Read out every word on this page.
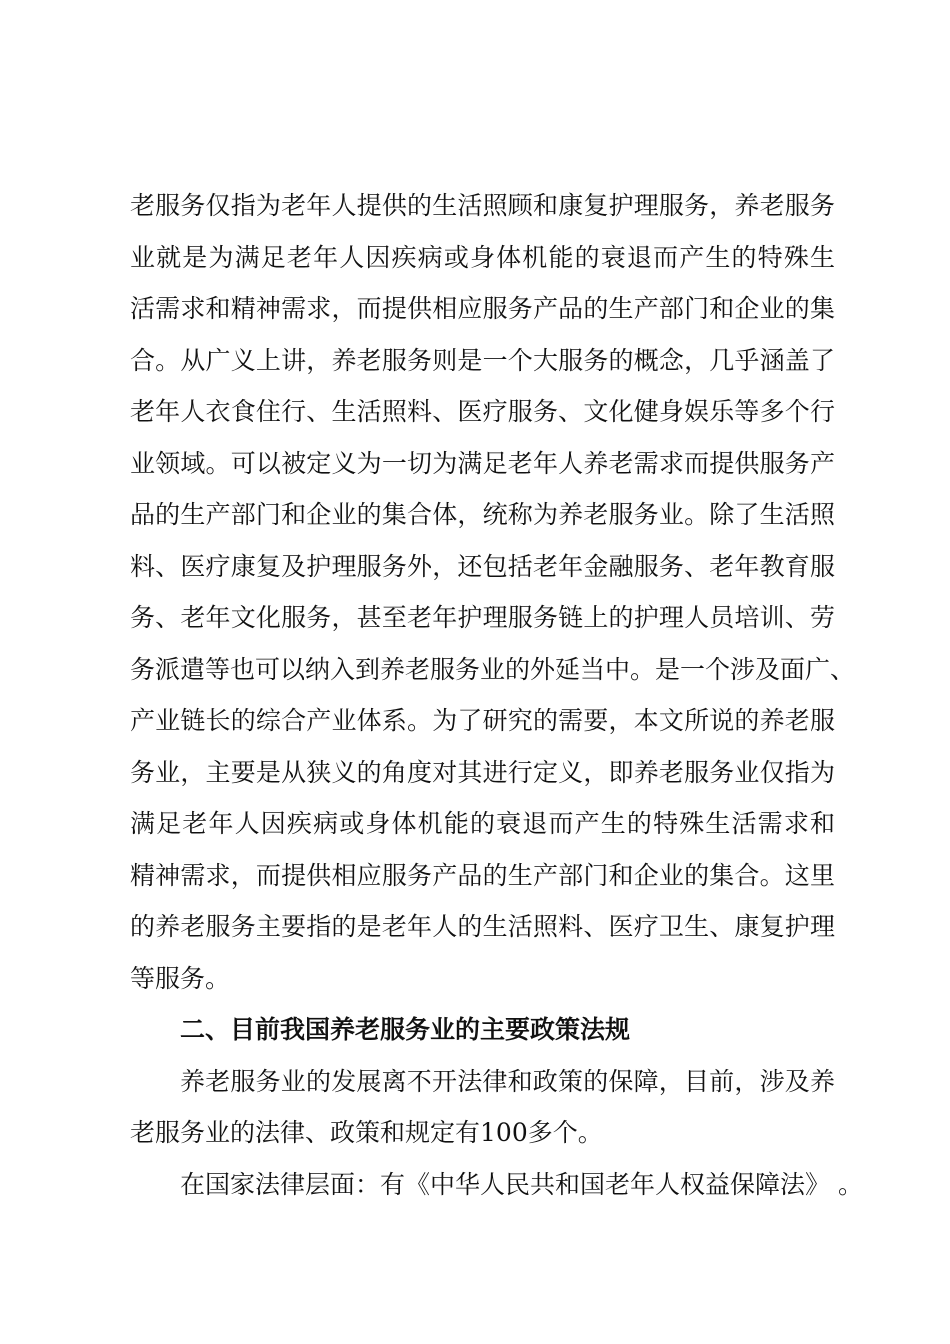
老服务仅指为老年人提供的生活照顾和康复护理服务，养老服务
业就是为满足老年人因疾病或身体机能的衰退而产生的特殊生
活需求和精神需求，而提供相应服务产品的生产部门和企业的集
合。从广义上讲，养老服务则是一个大服务的概念，几乎涵盖了
老年人衣食住行、生活照料、医疗服务、文化健身娱乐等多个行
业领域。可以被定义为一切为满足老年人养老需求而提供服务产
品的生产部门和企业的集合体，统称为养老服务业。除了生活照
料、医疗康复及护理服务外，还包括老年金融服务、老年教育服
务、老年文化服务，甚至老年护理服务链上的护理人员培训、劳
务派遣等也可以纳入到养老服务业的外延当中。是一个涉及面广、
产业链长的综合产业体系。为了研究的需要，本文所说的养老服
务业，主要是从狭义的角度对其进行定义，即养老服务业仅指为
满足老年人因疾病或身体机能的衰退而产生的特殊生活需求和
精神需求，而提供相应服务产品的生产部门和企业的集合。这里
的养老服务主要指的是老年人的生活照料、医疗卫生、康复护理
等服务。
二、目前我国养老服务业的主要政策法规
养老服务业的发展离不开法律和政策的保障，目前，涉及养
老服务业的法律、政策和规定有100多个。
在国家法律层面：有《中华人民共和国老年人权益保障法》 。
